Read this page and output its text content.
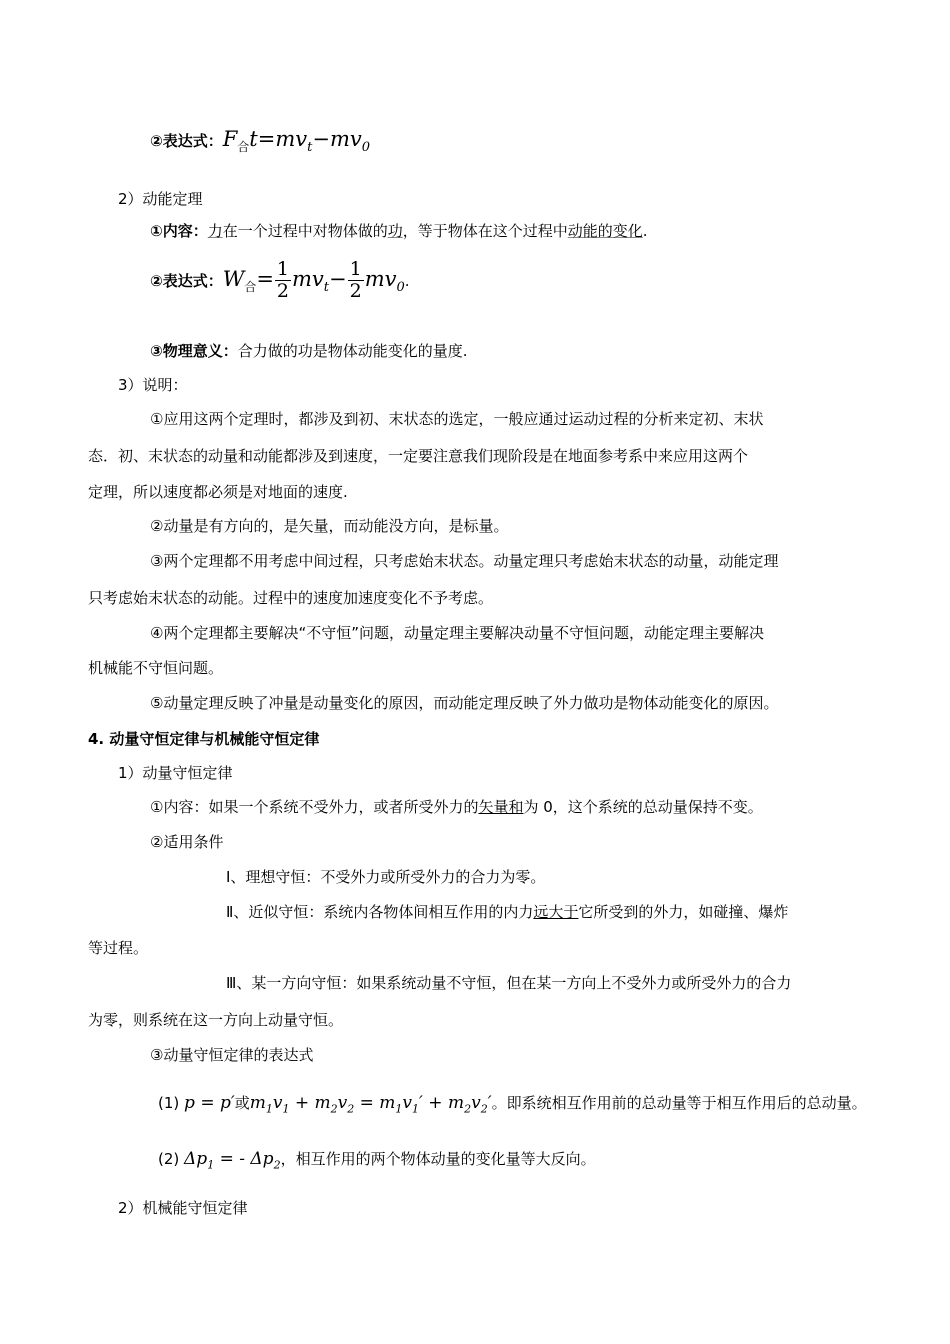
②表达式：$F_合t=mv_t-mv_0$
2）动能定理
①内容：力在一个过程中对物体做的功，等于物体在这个过程中动能的变化.
②表达式：$W_合= \frac{1}{2} mv_t- \frac{1}{2} mv_0$.
③物理意义：合力做的功是物体动能变化的量度.
3）说明：
①应用这两个定理时，都涉及到初、末状态的选定，一般应通过运动过程的分析来定初、末状
态．初、末状态的动量和动能都涉及到速度，一定要注意我们现阶段是在地面参考系中来应用这两个
定理，所以速度都必须是对地面的速度.
②动量是有方向的，是矢量，而动能没方向，是标量。
③两个定理都不用考虑中间过程，只考虑始末状态。动量定理只考虑始末状态的动量，动能定理
只考虑始末状态的动能。过程中的速度加速度变化不予考虑。
④两个定理都主要解决“不守恒”问题，动量定理主要解决动量不守恒问题，动能定理主要解决
机械能不守恒问题。
⑤动量定理反映了冲量是动量变化的原因，而动能定理反映了外力做功是物体动能变化的原因。
4. 动量守恒定律与机械能守恒定律
1）动量守恒定律
①内容：如果一个系统不受外力，或者所受外力的矢量和为 0，这个系统的总动量保持不变。
②适用条件
Ⅰ、理想守恒：不受外力或所受外力的合力为零。
Ⅱ、近似守恒：系统内各物体间相互作用的内力远大于它所受到的外力，如碰撞、爆炸
等过程。
Ⅲ、某一方向守恒：如果系统动量不守恒，但在某一方向上不受外力或所受外力的合力
为零，则系统在这一方向上动量守恒。
③动量守恒定律的表达式
(1) p = p′或$m_1v_1 + m_2v_2 = m_1v_1' + m_2v_2'$。即系统相互作用前的总动量等于相互作用后的总动量。
(2) $\Delta p_1$ = - $\Delta p_2$，相互作用的两个物体动量的变化量等大反向。
2）机械能守恒定律
